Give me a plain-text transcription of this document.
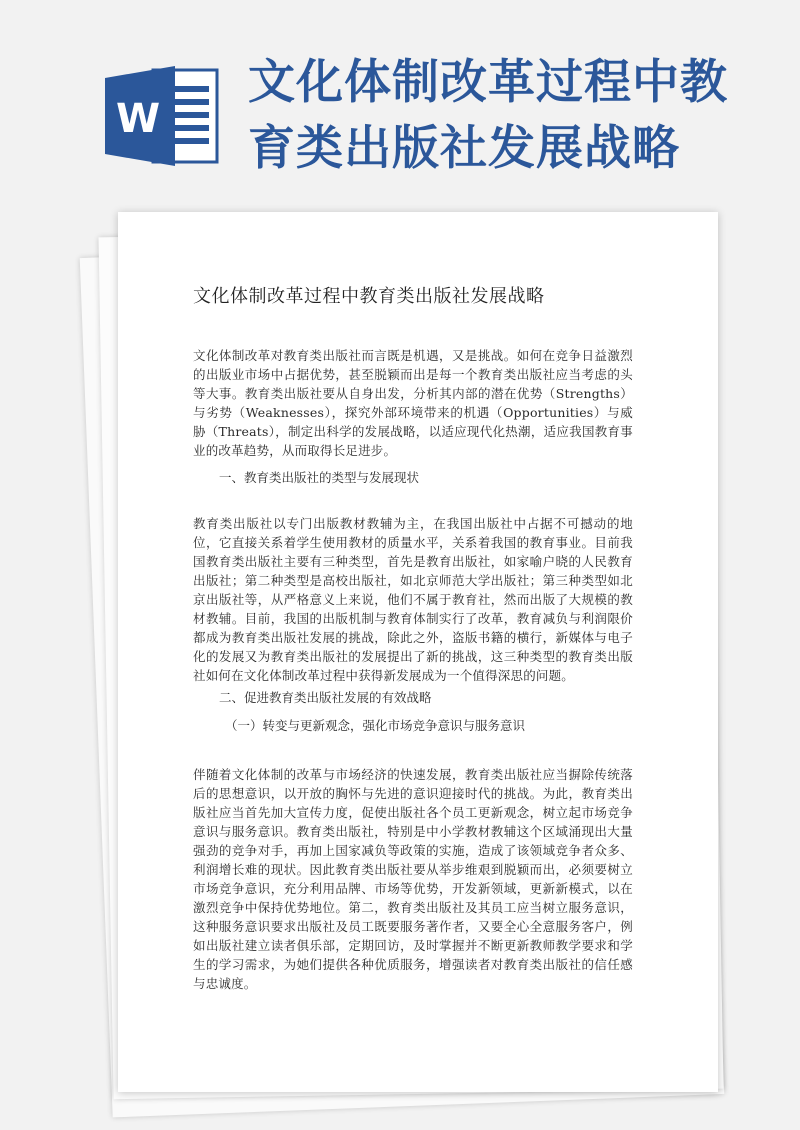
W
文化体制改革过程中教
育类出版社发展战略
文化体制改革过程中教育类出版社发展战略
文化体制改革对教育类出版社而言既是机遇，又是挑战。如何在竞争日益激烈的出版业市场中占据优势，甚至脱颖而出是每一个教育类出版社应当考虑的头等大事。教育类出版社要从自身出发，分析其内部的潜在优势（Strengths）与劣势（Weaknesses），探究外部环境带来的机遇（Opportunities）与威胁（Threats），制定出科学的发展战略，以适应现代化热潮，适应我国教育事业的改革趋势，从而取得长足进步。
一、教育类出版社的类型与发展现状
教育类出版社以专门出版教材教辅为主，在我国出版社中占据不可撼动的地位，它直接关系着学生使用教材的质量水平，关系着我国的教育事业。目前我国教育类出版社主要有三种类型，首先是教育出版社，如家喻户晓的人民教育出版社；第二种类型是高校出版社，如北京师范大学出版社；第三种类型如北京出版社等，从严格意义上来说，他们不属于教育社，然而出版了大规模的教材教辅。目前，我国的出版机制与教育体制实行了改革，教育减负与利润限价都成为教育类出版社发展的挑战，除此之外，盗版书籍的横行，新媒体与电子化的发展又为教育类出版社的发展提出了新的挑战，这三种类型的教育类出版社如何在文化体制改革过程中获得新发展成为一个值得深思的问题。
二、促进教育类出版社发展的有效战略
（一）转变与更新观念，强化市场竞争意识与服务意识
伴随着文化体制的改革与市场经济的快速发展，教育类出版社应当摒除传统落后的思想意识，以开放的胸怀与先进的意识迎接时代的挑战。为此，教育类出版社应当首先加大宣传力度，促使出版社各个员工更新观念，树立起市场竞争意识与服务意识。教育类出版社，特别是中小学教材教辅这个区域涌现出大量强劲的竞争对手，再加上国家减负等政策的实施，造成了该领域竞争者众多、利润增长难的现状。因此教育类出版社要从举步维艰到脱颖而出，必须要树立市场竞争意识，充分利用品牌、市场等优势，开发新领域，更新新模式，以在激烈竞争中保持优势地位。第二，教育类出版社及其员工应当树立服务意识，这种服务意识要求出版社及员工既要服务著作者，又要全心全意服务客户，例如出版社建立读者俱乐部，定期回访，及时掌握并不断更新教师教学要求和学生的学习需求，为她们提供各种优质服务，增强读者对教育类出版社的信任感与忠诚度。
